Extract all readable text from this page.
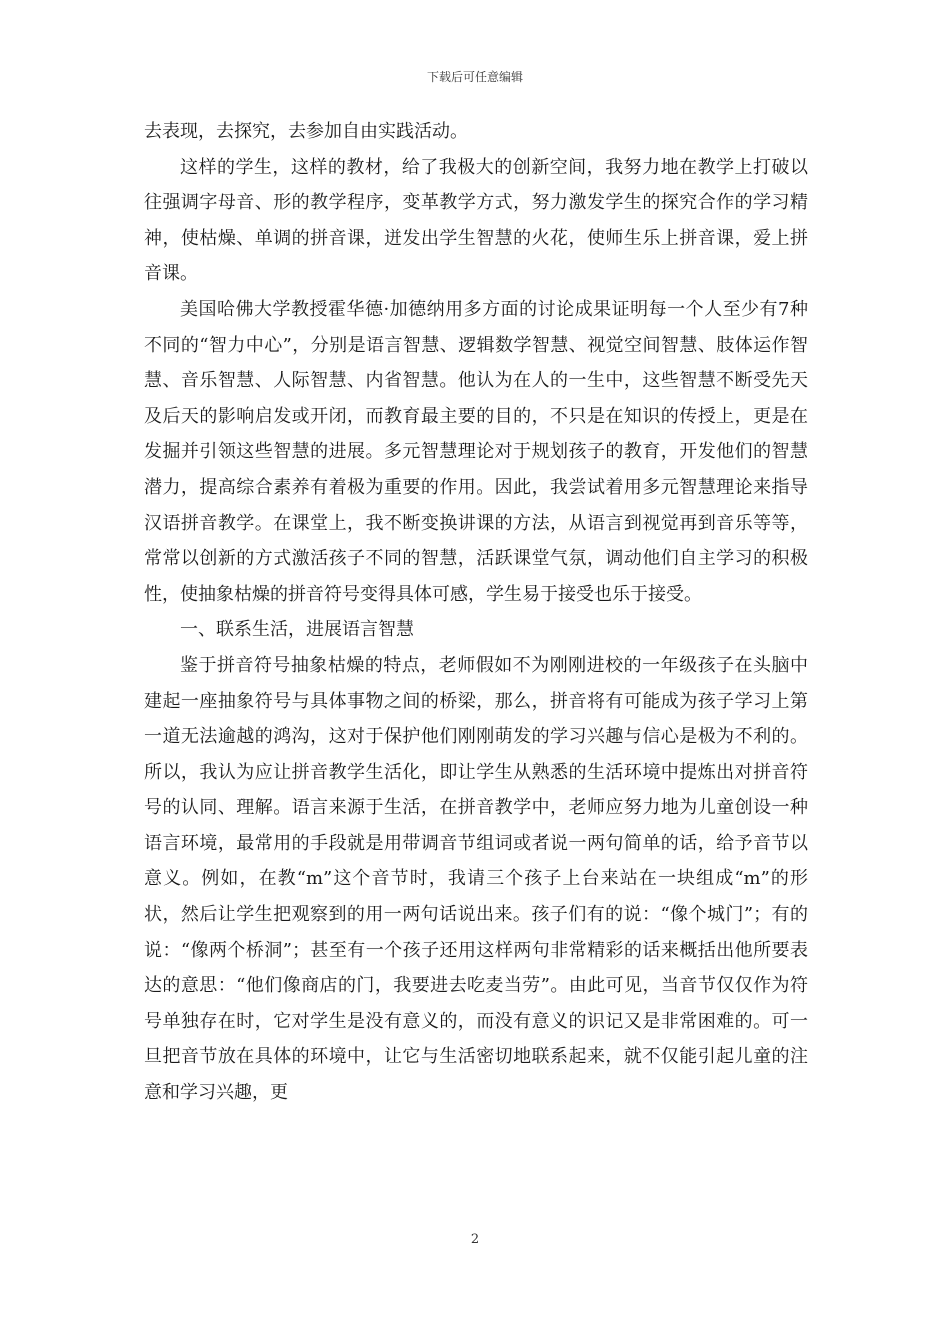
下载后可任意编辑

去表现，去探究，去参加自由实践活动。

这样的学生，这样的教材，给了我极大的创新空间，我努力地在教学上打破以往强调字母音、形的教学程序，变革教学方式，努力激发学生的探究合作的学习精神，使枯燥、单调的拼音课，迸发出学生智慧的火花，使师生乐上拼音课，爱上拼音课。

美国哈佛大学教授霍华德·加德纳用多方面的讨论成果证明每一个人至少有7种不同的“智力中心”，分别是语言智慧、逻辑数学智慧、视觉空间智慧、肢体运作智慧、音乐智慧、人际智慧、内省智慧。他认为在人的一生中，这些智慧不断受先天及后天的影响启发或开闭，而教育最主要的目的，不只是在知识的传授上，更是在发掘并引领这些智慧的进展。多元智慧理论对于规划孩子的教育，开发他们的智慧潜力，提高综合素养有着极为重要的作用。因此，我尝试着用多元智慧理论来指导汉语拼音教学。在课堂上，我不断变换讲课的方法，从语言到视觉再到音乐等等，常常以创新的方式激活孩子不同的智慧，活跃课堂气氛，调动他们自主学习的积极性，使抽象枯燥的拼音符号变得具体可感，学生易于接受也乐于接受。

一、联系生活，进展语言智慧

鉴于拼音符号抽象枯燥的特点，老师假如不为刚刚进校的一年级孩子在头脑中建起一座抽象符号与具体事物之间的桥梁，那么，拼音将有可能成为孩子学习上第一道无法逾越的鸿沟，这对于保护他们刚刚萌发的学习兴趣与信心是极为不利的。所以，我认为应让拼音教学生活化，即让学生从熟悉的生活环境中提炼出对拼音符号的认同、理解。语言来源于生活，在拼音教学中，老师应努力地为儿童创设一种语言环境，最常用的手段就是用带调音节组词或者说一两句简单的话，给予音节以意义。例如，在教“m”这个音节时，我请三个孩子上台来站在一块组成“m”的形状，然后让学生把观察到的用一两句话说出来。孩子们有的说：“像个城门”；有的说：“像两个桥洞”；甚至有一个孩子还用这样两句非常精彩的话来概括出他所要表达的意思：“他们像商店的门，我要进去吃麦当劳”。由此可见，当音节仅仅作为符号单独存在时，它对学生是没有意义的，而没有意义的识记又是非常困难的。可一旦把音节放在具体的环境中，让它与生活密切地联系起来，就不仅能引起儿童的注意和学习兴趣，更

2
